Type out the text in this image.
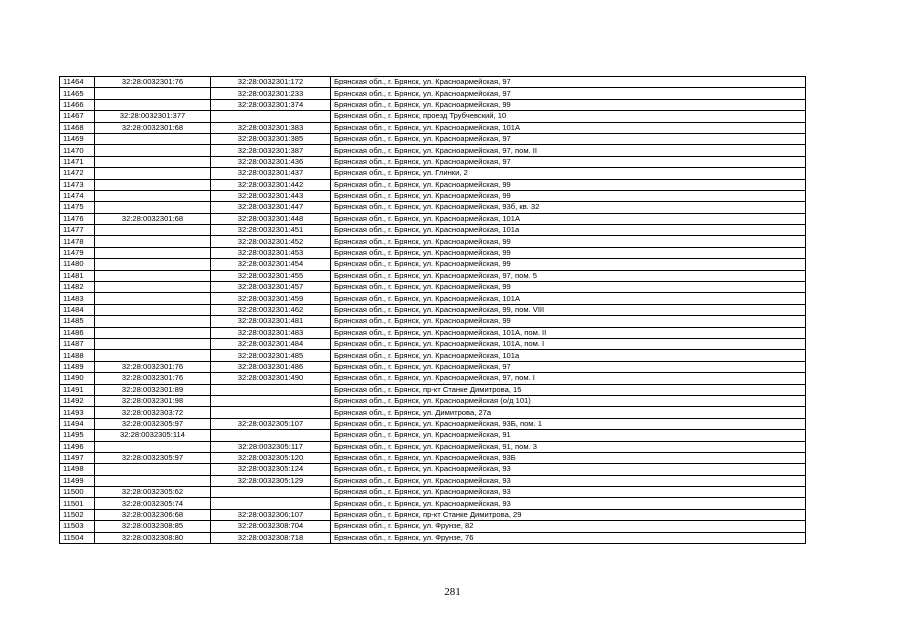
11464	32:28:0032301:76	32:28:0032301:172	Брянская обл., г. Брянск, ул. Красноармейская, 97
11465		32:28:0032301:233	Брянская обл., г. Брянск, ул. Красноармейская, 97
11466		32:28:0032301:374	Брянская обл., г. Брянск, ул. Красноармейская, 99
11467	32:28:0032301:377		Брянская обл., г. Брянск, проезд Трубчевский, 10
11468	32:28:0032301:68	32:28:0032301:383	Брянская обл., г. Брянск, ул. Красноармейская, 101А
11469		32:28:0032301:385	Брянская обл., г. Брянск, ул. Красноармейская, 97
11470		32:28:0032301:387	Брянская обл., г. Брянск, ул. Красноармейская, 97, пом. II
11471		32:28:0032301:436	Брянская обл., г. Брянск, ул. Красноармейская, 97
11472		32:28:0032301:437	Брянская обл., г. Брянск, ул. Глинки, 2
11473		32:28:0032301:442	Брянская обл., г. Брянск, ул. Красноармейская, 99
11474		32:28:0032301:443	Брянская обл., г. Брянск, ул. Красноармейская, 99
11475		32:28:0032301:447	Брянская обл., г. Брянск, ул. Красноармейская, 93б, кв. 32
11476	32:28:0032301:68	32:28:0032301:448	Брянская обл., г. Брянск, ул. Красноармейская, 101А
11477		32:28:0032301:451	Брянская обл., г. Брянск, ул. Красноармейская, 101а
11478		32:28:0032301:452	Брянская обл., г. Брянск, ул. Красноармейская, 99
11479		32:28:0032301:453	Брянская обл., г. Брянск, ул. Красноармейская, 99
11480		32:28:0032301:454	Брянская обл., г. Брянск, ул. Красноармейская, 99
11481		32:28:0032301:455	Брянская обл., г. Брянск, ул. Красноармейская, 97, пом. 5
11482		32:28:0032301:457	Брянская обл., г. Брянск, ул. Красноармейская, 99
11483		32:28:0032301:459	Брянская обл., г. Брянск, ул. Красноармейская, 101А
11484		32:28:0032301:462	Брянская обл., г. Брянск, ул. Красноармейская, 99, пом. VIII
11485		32:28:0032301:481	Брянская обл., г. Брянск, ул. Красноармейская, 99
11486		32:28:0032301:483	Брянская обл., г. Брянск, ул. Красноармейская, 101А, пом. II
11487		32:28:0032301:484	Брянская обл., г. Брянск, ул. Красноармейская, 101А, пом. I
11488		32:28:0032301:485	Брянская обл., г. Брянск, ул. Красноармейская, 101а
11489	32:28:0032301:76	32:28:0032301:486	Брянская обл., г. Брянск, ул. Красноармейская, 97
11490	32:28:0032301:76	32:28:0032301:490	Брянская обл., г. Брянск, ул. Красноармейская, 97, пом. I
11491	32:28:0032301:89		Брянская обл., г. Брянск, пр-кт Станке Димитрова, 15
11492	32:28:0032301:98		Брянская обл., г. Брянск, ул. Красноармейская (о/д 101)
11493	32:28:0032303:72		Брянская обл., г. Брянск, ул. Димитрова, 27а
11494	32:28:0032305:97	32:28:0032305:107	Брянская обл., г. Брянск, ул. Красноармейская, 93Б, пом. 1
11495	32:28:0032305:114		Брянская обл., г. Брянск, ул. Красноармейская, 91
11496		32:28:0032305:117	Брянская обл., г. Брянск, ул. Красноармейская, 91, пом. 3
11497	32:28:0032305:97	32:28:0032305:120	Брянская обл., г. Брянск, ул. Красноармейская, 93Б
11498		32:28:0032305:124	Брянская обл., г. Брянск, ул. Красноармейская, 93
11499		32:28:0032305:129	Брянская обл., г. Брянск, ул. Красноармейская, 93
11500	32:28:0032305:62		Брянская обл., г. Брянск, ул. Красноармейская, 93
11501	32:28:0032305:74		Брянская обл., г. Брянск, ул. Красноармейская, 93
11502	32:28:0032306:68	32:28:0032306:107	Брянская обл., г. Брянск, пр-кт Станке Димитрова, 29
11503	32:28:0032308:85	32:28:0032308:704	Брянская обл., г. Брянск, ул. Фрунзе, 82
11504	32:28:0032308:80	32:28:0032308:718	Брянская обл., г. Брянск, ул. Фрунзе, 76
281
